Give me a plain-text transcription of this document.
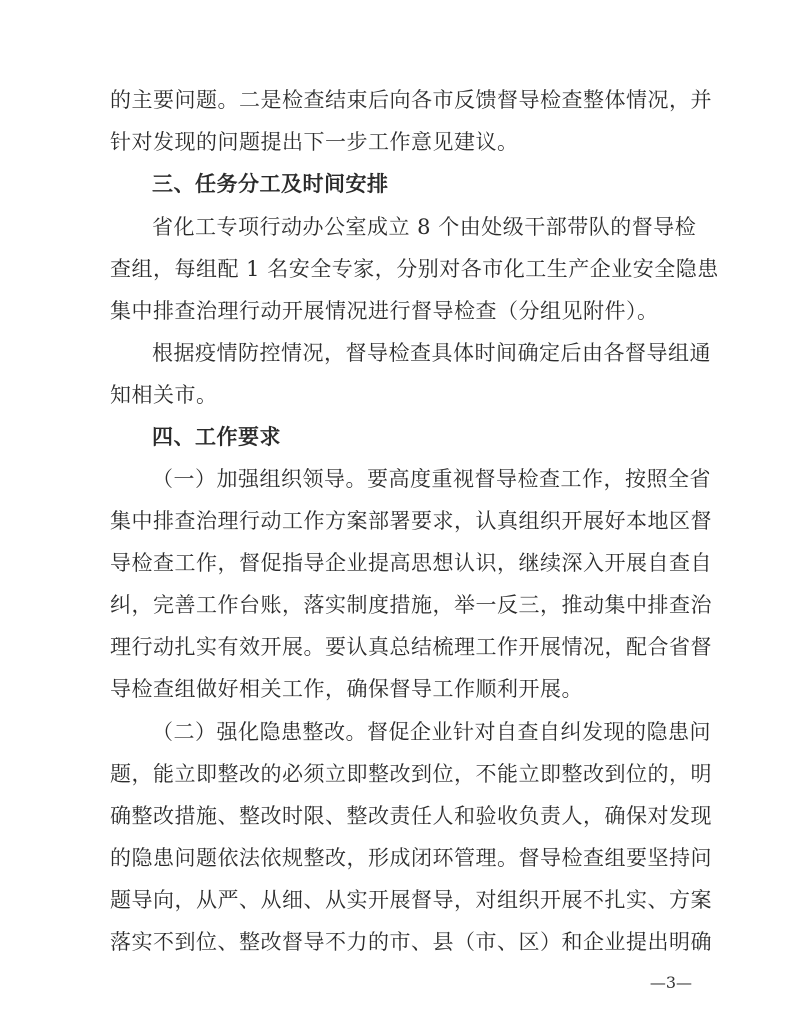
的主要问题。二是检查结束后向各市反馈督导检查整体情况，并

针对发现的问题提出下一步工作意见建议。

三、任务分工及时间安排

省化工专项行动办公室成立 8 个由处级干部带队的督导检

查组，每组配 1 名安全专家，分别对各市化工生产企业安全隐患

集中排查治理行动开展情况进行督导检查（分组见附件）。

根据疫情防控情况，督导检查具体时间确定后由各督导组通

知相关市。

四、工作要求

（一）加强组织领导。 要高度重视督导检查工作，按照全省

集中排查治理行动工作方案部署要求，认真组织开展好本地区督

导检查工作，督促指导企业提高思想认识，继续深入开展自查自

纠，完善工作台账，落实制度措施，举一反三，推动集中排查治

理行动扎实有效开展。要认真总结梳理工作开展情况，配合省督

导检查组做好相关工作，确保督导工作顺利开展。

（二）强化隐患整改。 督促企业针对自查自纠发现的隐患问

题，能立即整改的必须立即整改到位，不能立即整改到位的，明

确整改措施、整改时限、整改责任人和验收负责人，确保对发现

的隐患问题依法依规整改，形成闭环管理。督导检查组要坚持问

题导向，从严、从细、从实开展督导，对组织开展不扎实、方案

落实不到位、整改督导不力的市、县（市、区）和企业提出明确

—3—
